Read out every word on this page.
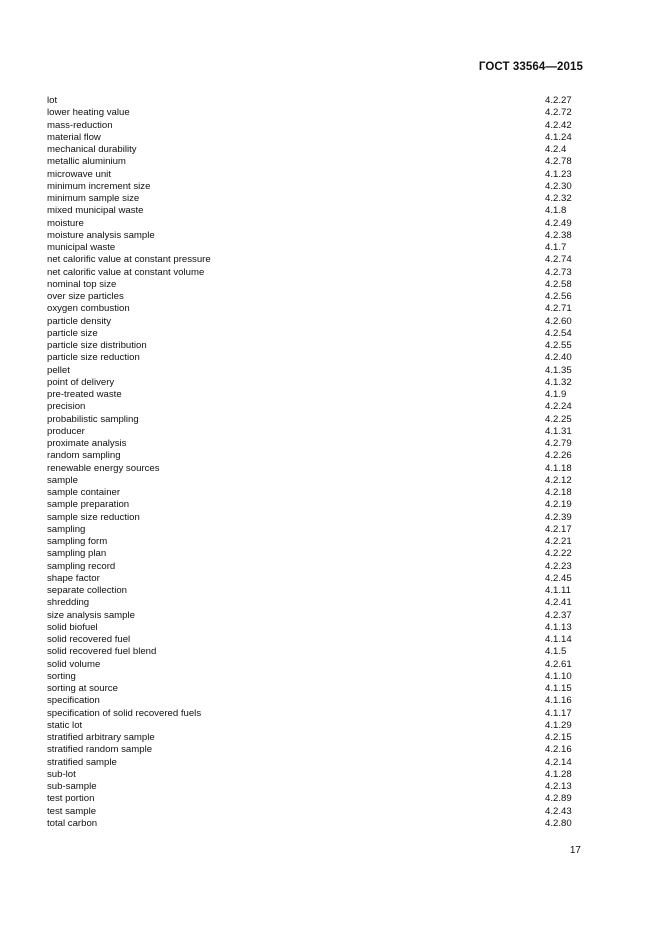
ГОСТ 33564—2015
lot	4.2.27
lower heating value	4.2.72
mass-reduction	4.2.42
material flow	4.1.24
mechanical durability	4.2.4
metallic aluminium	4.2.78
microwave unit	4.1.23
minimum increment size	4.2.30
minimum sample size	4.2.32
mixed municipal waste	4.1.8
moisture	4.2.49
moisture analysis sample	4.2.38
municipal waste	4.1.7
net calorific value at constant pressure	4.2.74
net calorific value at constant volume	4.2.73
nominal top size	4.2.58
over size particles	4.2.56
oxygen combustion	4.2.71
particle density	4.2.60
particle size	4.2.54
particle size distribution	4.2.55
particle size reduction	4.2.40
pellet	4.1.35
point of delivery	4.1.32
pre-treated waste	4.1.9
precision	4.2.24
probabilistic sampling	4.2.25
producer	4.1.31
proximate analysis	4.2.79
random sampling	4.2.26
renewable energy sources	4.1.18
sample	4.2.12
sample container	4.2.18
sample preparation	4.2.19
sample size reduction	4.2.39
sampling	4.2.17
sampling form	4.2.21
sampling plan	4.2.22
sampling record	4.2.23
shape factor	4.2.45
separate collection	4.1.11
shredding	4.2.41
size analysis sample	4.2.37
solid biofuel	4.1.13
solid recovered fuel	4.1.14
solid recovered fuel blend	4.1.5
solid volume	4.2.61
sorting	4.1.10
sorting at source	4.1.15
specification	4.1.16
specification of solid recovered fuels	4.1.17
static lot	4.1.29
stratified arbitrary sample	4.2.15
stratified random sample	4.2.16
stratified sample	4.2.14
sub-lot	4.1.28
sub-sample	4.2.13
test portion	4.2.89
test sample	4.2.43
total carbon	4.2.80
17
